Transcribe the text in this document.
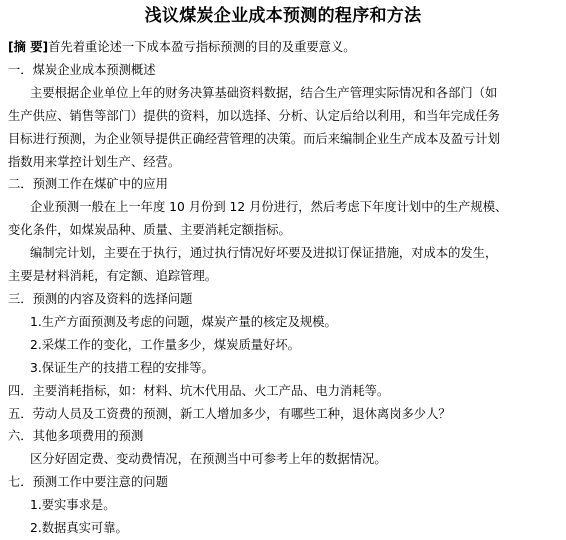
浅议煤炭企业成本预测的程序和方法
[摘 要]首先着重论述一下成本盈亏指标预测的目的及重要意义。
一．煤炭企业成本预测概述
主要根据企业单位上年的财务决算基础资料数据，结合生产管理实际情况和各部门（如
生产供应、销售等部门）提供的资料，加以选择、分析、认定后给以利用，和当年完成任务
目标进行预测，为企业领导提供正确经营管理的决策。而后来编制企业生产成本及盈亏计划
指数用来掌控计划生产、经营。
二．预测工作在煤矿中的应用
企业预测一般在上一年度 10 月份到 12 月份进行，然后考虑下年度计划中的生产规模、
变化条件，如煤炭品种、质量、主要消耗定额指标。
编制完计划，主要在于执行，通过执行情况好坏要及进拟订保证措施，对成本的发生，
主要是材料消耗，有定额、追踪管理。
三．预测的内容及资料的选择问题
1.生产方面预测及考虑的问题，煤炭产量的核定及规模。
2.采煤工作的变化，工作量多少，煤炭质量好坏。
3.保证生产的技措工程的安排等。
四．主要消耗指标，如：材料、坑木代用品、火工产品、电力消耗等。
五．劳动人员及工资费的预测，新工人增加多少，有哪些工种，退休离岗多少人？
六．其他多项费用的预测
区分好固定费、变动费情况，在预测当中可参考上年的数据情况。
七．预测工作中要注意的问题
1.要实事求是。
2.数据真实可靠。
